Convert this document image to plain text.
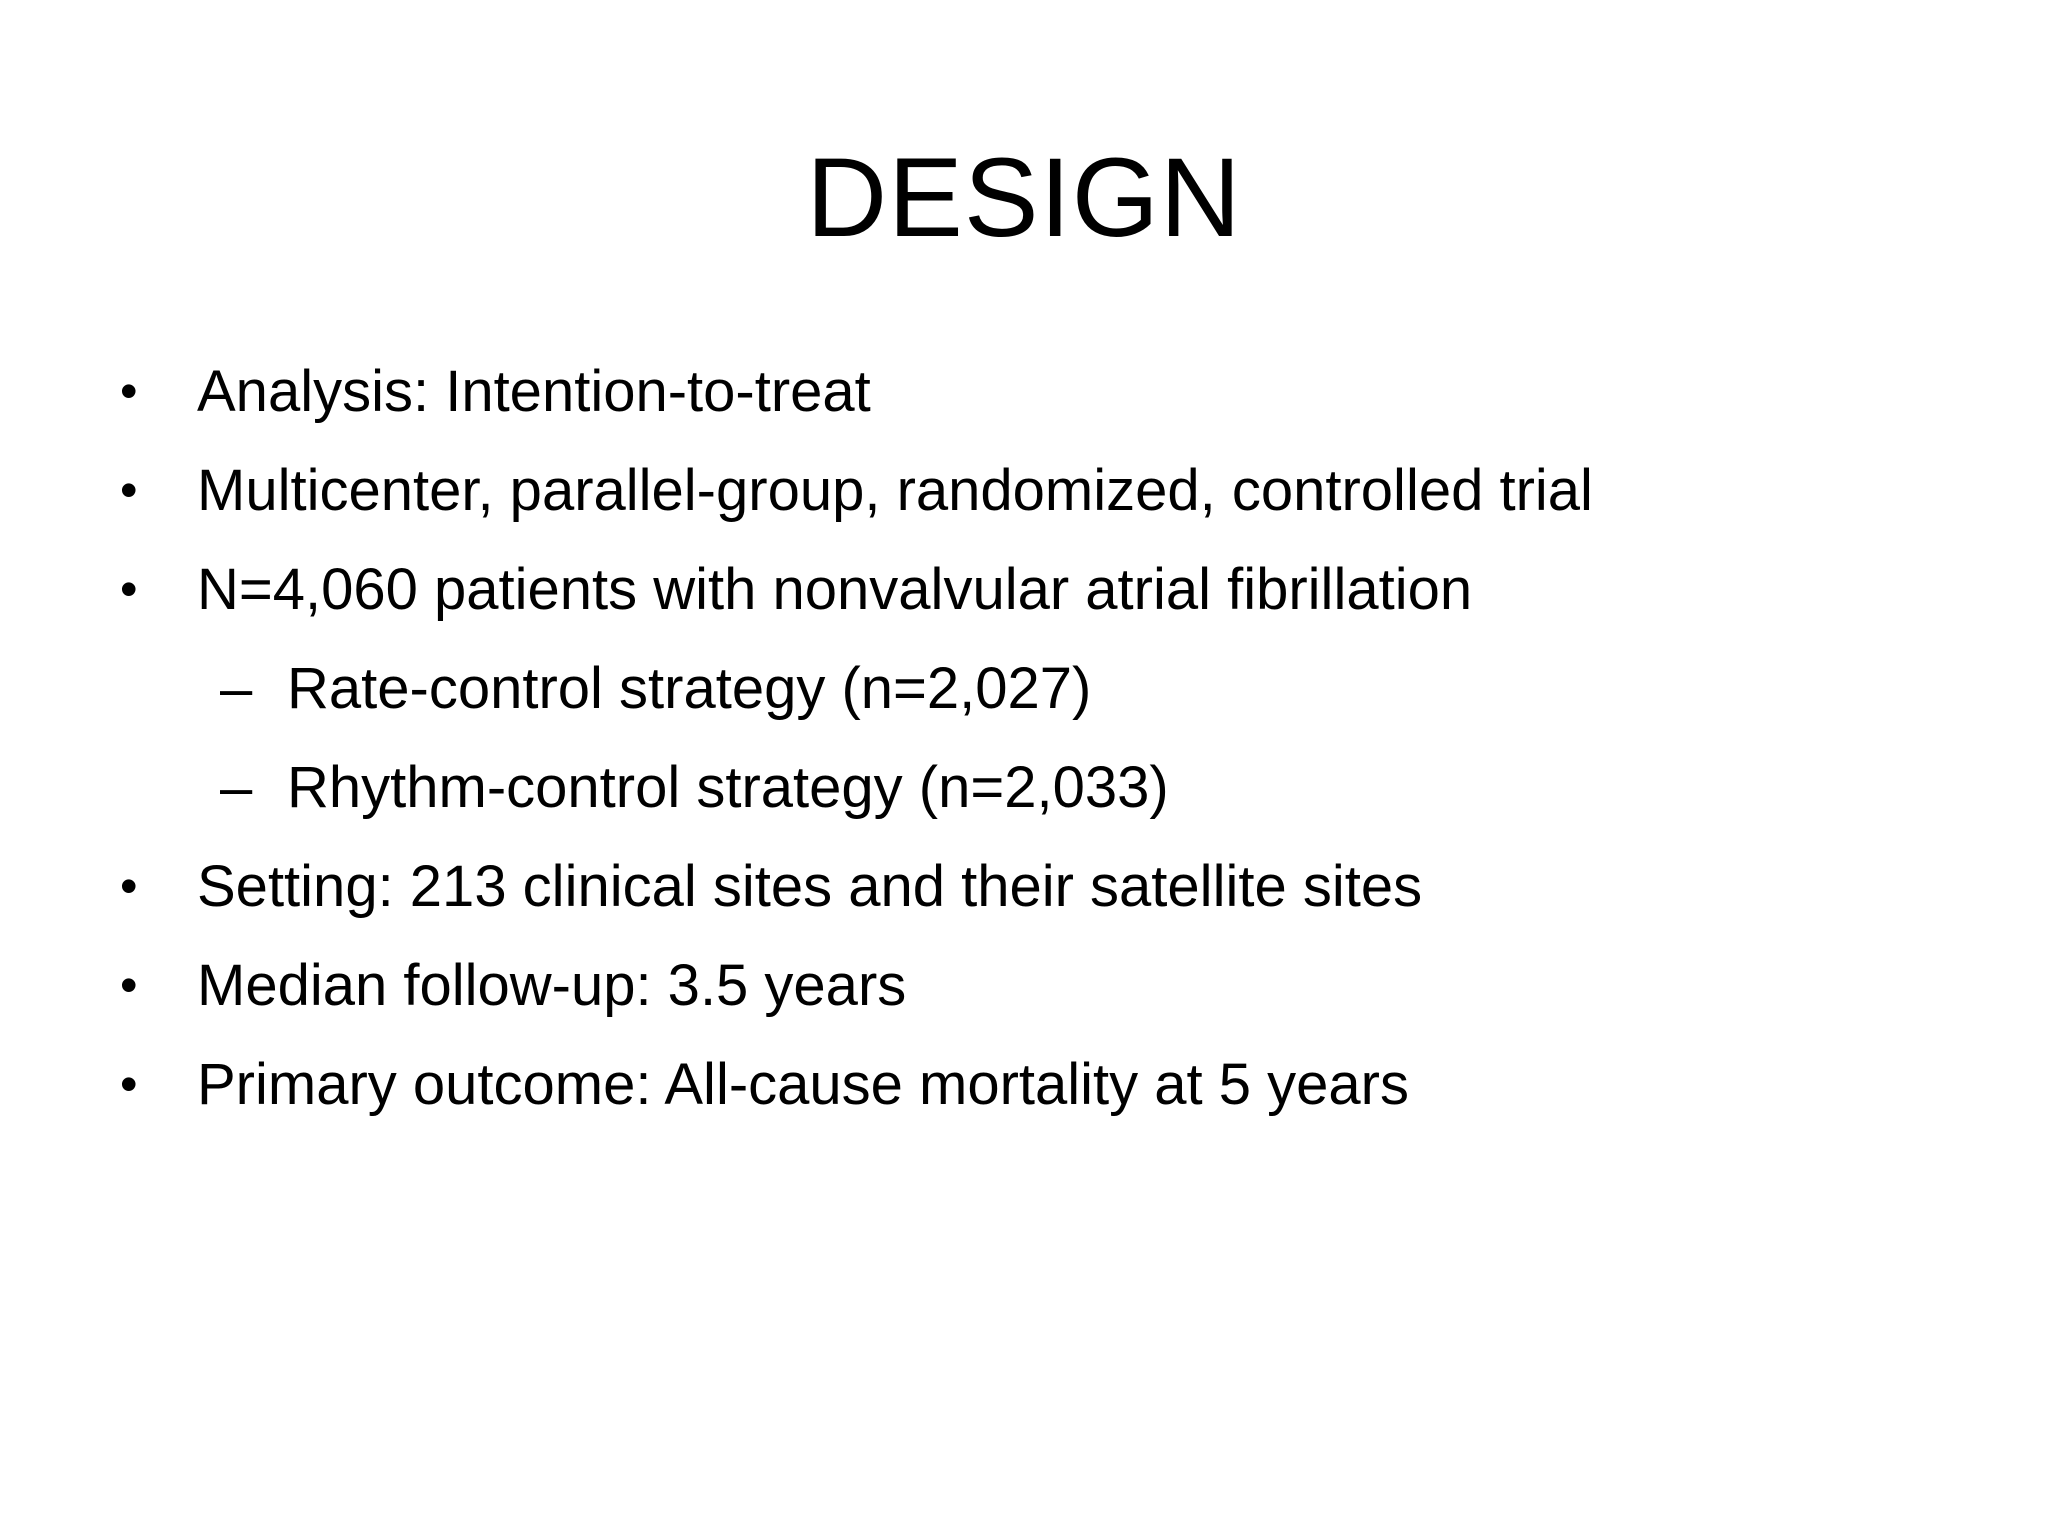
DESIGN
•	Analysis: Intention-to-treat
•	Multicenter, parallel-group, randomized, controlled trial
•	N=4,060 patients with nonvalvular atrial fibrillation
– Rate-control strategy (n=2,027)
– Rhythm-control strategy (n=2,033)
•	Setting: 213 clinical sites and their satellite sites
•	Median follow-up: 3.5 years
•	Primary outcome: All-cause mortality at 5 years
